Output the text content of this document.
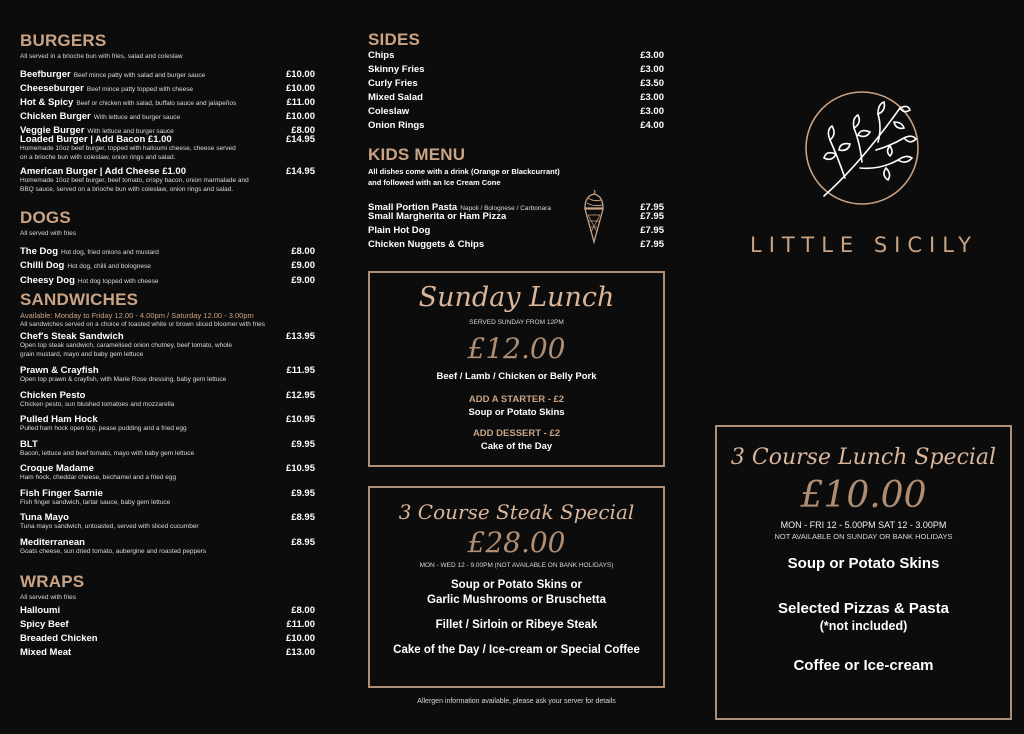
BURGERS
All served in a brioche bun with fries, salad and coleslaw
Beefburger Beef mince patty with salad and burger sauce	£10.00
Cheeseburger Beef mince patty topped with cheese	£10.00
Hot & Spicy Beef or chicken with salad, buffalo sauce and jalapeños	£11.00
Chicken Burger With lettuce and burger sauce	£10.00
Veggie Burger With lettuce and burger sauce	£8.00
Loaded Burger | Add Bacon £1.00	£14.95
Homemade 10oz beef burger, topped with halloumi cheese, cheese served on a brioche bun with coleslaw, onion rings and salad.
American Burger | Add Cheese £1.00	£14.95
Homemade 10oz beef burger, beef tomato, crispy bacon, onion marmalade and BBQ sauce, served on a brioche bun with coleslaw, onion rings and salad.
DOGS
All served with fries
The Dog Hot dog, fried onions and mustard	£8.00
Chilli Dog Hot dog, chilli and bolognese	£9.00
Cheesy Dog Hot dog topped with cheese	£9.00
SANDWICHES
Available: Monday to Friday 12.00 - 4.00pm / Saturday 12.00 - 3.00pm
All sandwiches served on a choice of toasted white or brown sliced bloomer with fries
Chef's Steak Sandwich	£13.95
Open top steak sandwich, caramelised onion chutney, beef tomato, whole grain mustard, mayo and baby gem lettuce
Prawn & Crayfish	£11.95
Open top prawn & crayfish, with Marie Rose dressing, baby gem lettuce
Chicken Pesto	£12.95
Chicken pesto, sun blushed tomatoes and mozzarella
Pulled Ham Hock	£10.95
Pulled ham hock open top, pease pudding and a fried egg
BLT	£9.95
Bacon, lettuce and beef tomato, mayo with baby gem lettuce
Croque Madame	£10.95
Ham hock, cheddar cheese, bechamel and a fried egg
Fish Finger Sarnie	£9.95
Fish finger sandwich, tartar sauce, baby gem lettuce
Tuna Mayo	£8.95
Tuna mayo sandwich, untoasted, served with sliced cucumber
Mediterranean	£8.95
Goats cheese, sun dried tomato, aubergine and roasted peppers
WRAPS
All served with fries
Halloumi	£8.00
Spicy Beef	£11.00
Breaded Chicken	£10.00
Mixed Meat	£13.00
SIDES
Chips	£3.00
Skinny Fries	£3.00
Curly Fries	£3.50
Mixed Salad	£3.00
Coleslaw	£3.00
Onion Rings	£4.00
KIDS MENU
All dishes come with a drink (Orange or Blackcurrant)
and followed with an Ice Cream Cone
Small Portion Pasta Napoli / Bolognese / Carbonara	£7.95
Small Margherita or Ham Pizza	£7.95
Plain Hot Dog	£7.95
Chicken Nuggets & Chips	£7.95
Sunday Lunch
SERVED SUNDAY FROM 12PM
£12.00
Beef / Lamb / Chicken or Belly Pork
ADD A STARTER - £2
Soup or Potato Skins
ADD DESSERT - £2
Cake of the Day
3 Course Steak Special
£28.00
MON - WED 12 - 9.00PM (NOT AVAILABLE ON BANK HOLIDAYS)
Soup or Potato Skins or
Garlic Mushrooms or Bruschetta
Fillet / Sirloin or Ribeye Steak
Cake of the Day / Ice-cream or Special Coffee
Allergen information available, please ask your server for details
LITTLE SICILY
3 Course Lunch Special
£10.00
MON - FRI 12 - 5.00PM SAT 12 - 3.00PM
NOT AVAILABLE ON SUNDAY OR BANK HOLIDAYS
Soup or Potato Skins
Selected Pizzas & Pasta
(*not included)
Coffee or Ice-cream
